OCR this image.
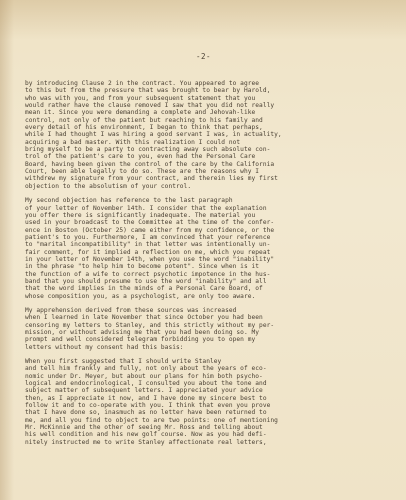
-2-
by introducing Clause 2 in the contract. You appeared to agree
to this but from the pressure that was brought to bear by Harold,
who was with you, and from your subsequent statement that you
would rather have the clause removed I saw that you did not really
mean it. Since you were demanding a complete and Jehovah-like
control, not only of the patient but reaching to his family and
every detail of his environment, I began to think that perhaps,
while I had thought I was hiring a good servant I was, in actuality,
acquiring a bad master. With this realization I could not
bring myself to be a party to contracting away such absolute con-
trol of the patient's care to you, even had the Personal Care
Board, having been given the control of the care by the California
Court, been able legally to do so. These are the reasons why I
withdrew my signature from your contract, and therein lies my first
objection to the absolutism of your control.
My second objection has reference to the last paragraph
of your letter of November 14th. I consider that the explanation
you offer there is significantly inadequate. The material you
used in your broadcast to the Committee at the time of the confer-
ence in Boston (October 25) came either from my confidence, or the
patient's to you. Furthermore, I am convinced that your reference
to "marital incompatibility" in that letter was intentionally un-
fair comment, for it implied a reflection on me, which you repeat
in your letter of November 14th, when you use the word "inability"
in the phrase "to help him to become potent". Since when is it
the function of a wife to correct psychotic impotence in the hus-
band that you should presume to use the word "inability" and all
that the word implies in the minds of a Personal Care Board, of
whose composition you, as a psychologist, are only too aware.
My apprehension derived from these sources was increased
when I learned in late November that since October you had been
censoring my letters to Stanley, and this strictly without my per-
mission, or without advising me that you had been doing so. My
prompt and well considered telegram forbidding you to open my
letters without my consent had this basis:
When you first suggested that I should write Stanley
and tell him frankly and fully, not only about the years of eco-
nomic under Dr. Meyer, but about our plans for him both psycho-
logical and endocrinological, I consulted you about the tone and
subject matter of subsequent letters. I appreciated your advice
then, as I appreciate it now, and I have done my sincere best to
follow it and to co-operate with you. I think that even you prove
that I have done so, inasmuch as no letter have been returned to
me, and all you find to object to are two points: one of mentioning
Mr. McKinnie and the other of seeing Mr. Ross and telling about
his well condition and his new golf course. Now as you had defi-
nitely instructed me to write Stanley affectionate real letters,
